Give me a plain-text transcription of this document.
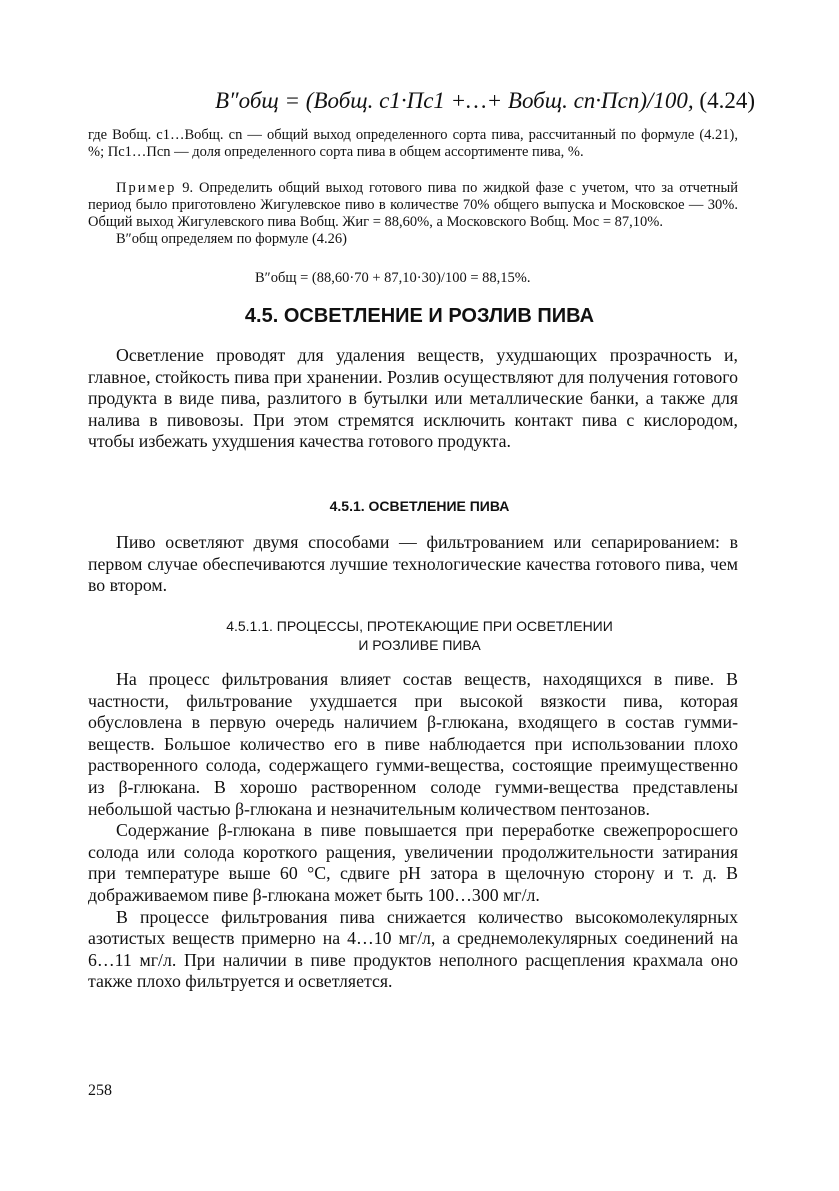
B″общ = (Bобщ. c1·Пc1 +…+ Bобщ. cn·Пcn)/100, (4.24)

где Bобщ. c1…Bобщ. cn — общий выход определенного сорта пива, рассчитанный по формуле (4.21), %; Пc1…Пcn — доля определенного сорта пива в общем ассортименте пива, %.

Пример 9. Определить общий выход готового пива по жидкой фазе с учетом, что за отчетный период было приготовлено Жигулевское пиво в количестве 70% общего выпуска и Московское — 30%. Общий выход Жигулевского пива Bобщ. Жиг = 88,60%, а Московского Bобщ. Мос = 87,10%.

B″общ определяем по формуле (4.26)

B″общ = (88,60·70 + 87,10·30)/100 = 88,15%.
4.5. ОСВЕТЛЕНИЕ И РОЗЛИВ ПИВА

Осветление проводят для удаления веществ, ухудшающих прозрачность и, главное, стойкость пива при хранении. Розлив осуществляют для получения готового продукта в виде пива, разлитого в бутылки или металлические банки, а также для налива в пивовозы. При этом стремятся исключить контакт пива с кислородом, чтобы избежать ухудшения качества готового продукта.

4.5.1. ОСВЕТЛЕНИЕ ПИВА

Пиво осветляют двумя способами — фильтрованием или сепарированием: в первом случае обеспечиваются лучшие технологические качества готового пива, чем во втором.

4.5.1.1. ПРОЦЕССЫ, ПРОТЕКАЮЩИЕ ПРИ ОСВЕТЛЕНИИ
И РОЗЛИВЕ ПИВА

На процесс фильтрования влияет состав веществ, находящихся в пиве. В частности, фильтрование ухудшается при высокой вязкости пива, которая обусловлена в первую очередь наличием β-глюкана, входящего в состав гумми-веществ. Большое количество его в пиве наблюдается при использовании плохо растворенного солода, содержащего гумми-вещества, состоящие преимущественно из β-глюкана. В хорошо растворенном солоде гумми-вещества представлены небольшой частью β-глюкана и незначительным количеством пентозанов.

Содержание β-глюкана в пиве повышается при переработке свежепроросшего солода или солода короткого ращения, увеличении продолжительности затирания при температуре выше 60 °С, сдвиге рН затора в щелочную сторону и т. д. В дображиваемом пиве β-глюкана может быть 100…300 мг/л.

В процессе фильтрования пива снижается количество высокомолекулярных азотистых веществ примерно на 4…10 мг/л, а среднемолекулярных соединений на 6…11 мг/л. При наличии в пиве продуктов неполного расщепления крахмала оно также плохо фильтруется и осветляется.

258
